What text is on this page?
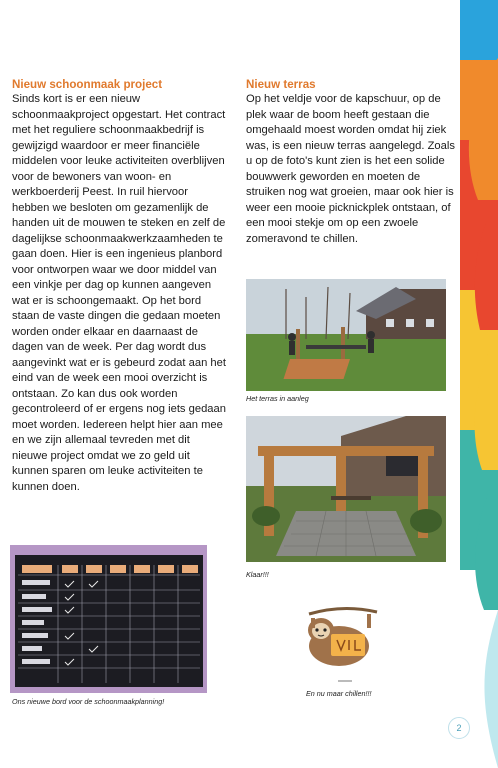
Nieuw schoonmaak project

Sinds kort is er een nieuw schoonmaakproject opgestart. Het contract met het reguliere schoonmaakbedrijf is gewijzigd waardoor er meer financiële middelen voor leuke activiteiten overblijven voor de bewoners van woon- en werkboerderij Peest. In ruil hiervoor hebben we besloten om gezamenlijk de handen uit de mouwen te steken en zelf de dagelijkse schoonmaakwerkzaamheden te gaan doen. Hier is een ingenieus planbord voor ontworpen waar we door middel van een vinkje per dag op kunnen aangeven wat er is schoongemaakt. Op het bord staan de vaste dingen die gedaan moeten worden onder elkaar en daarnaast de dagen van de week. Per dag wordt dus aangevinkt wat er is gebeurd zodat aan het eind van de week een mooi overzicht is ontstaan. Zo kan dus ook worden gecontroleerd of er ergens nog iets gedaan moet worden. Iedereen helpt hier aan mee en we zijn allemaal tevreden met dit nieuwe project omdat we zo geld uit kunnen sparen om leuke activiteiten te kunnen doen.

Ons nieuwe bord voor de schoonmaakplanning!
Nieuw terras

Op het veldje voor de kapschuur, op de plek waar de boom heeft gestaan die omgehaald moest worden omdat hij ziek was, is een nieuw terras aangelegd. Zoals u op de foto's kunt zien is het een solide bouwwerk geworden en moeten de struiken nog wat groeien, maar ook hier is weer een mooie picknickplek ontstaan, of een mooi stekje om op een zwoele zomeravond te chillen.

Het terras in aanleg
Klaar!!!
En nu maar chillen!!!
2
